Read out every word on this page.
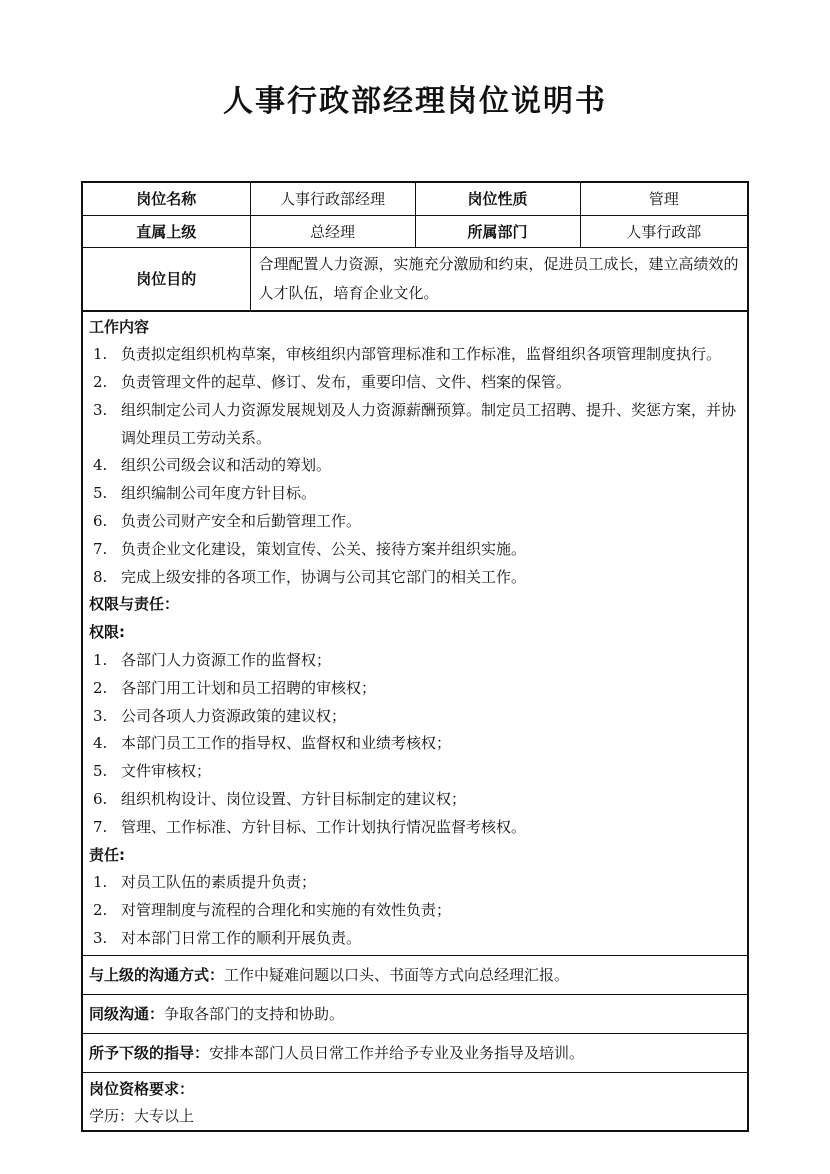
人事行政部经理岗位说明书
岗位名称	人事行政部经理	岗位性质	管理
直属上级	总经理	所属部门	人事行政部
岗位目的	合理配置人力资源，实施充分激励和约束，促进员工成长，建立高绩效的人才队伍，培育企业文化。		
工作内容
1. 负责拟定组织机构草案，审核组织内部管理标准和工作标准，监督组织各项管理制度执行。
2. 负责管理文件的起草、修订、发布，重要印信、文件、档案的保管。
3. 组织制定公司人力资源发展规划及人力资源薪酬预算。制定员工招聘、提升、奖惩方案，并协调处理员工劳动关系。
4. 组织公司级会议和活动的筹划。
5. 组织编制公司年度方针目标。
6. 负责公司财产安全和后勤管理工作。
7. 负责企业文化建设，策划宣传、公关、接待方案并组织实施。
8. 完成上级安排的各项工作，协调与公司其它部门的相关工作。
权限与责任：
权限:
1. 各部门人力资源工作的监督权；
2. 各部门用工计划和员工招聘的审核权；
3. 公司各项人力资源政策的建议权；
4. 本部门员工工作的指导权、监督权和业绩考核权；
5. 文件审核权；
6. 组织机构设计、岗位设置、方针目标制定的建议权；
7. 管理、工作标准、方针目标、工作计划执行情况监督考核权。
责任:
1. 对员工队伍的素质提升负责；
2. 对管理制度与流程的合理化和实施的有效性负责；
3. 对本部门日常工作的顺利开展负责。
与上级的沟通方式：工作中疑难问题以口头、书面等方式向总经理汇报。
同级沟通：争取各部门的支持和协助。
所予下级的指导：安排本部门人员日常工作并给予专业及业务指导及培训。
岗位资格要求：
学历：大专以上
